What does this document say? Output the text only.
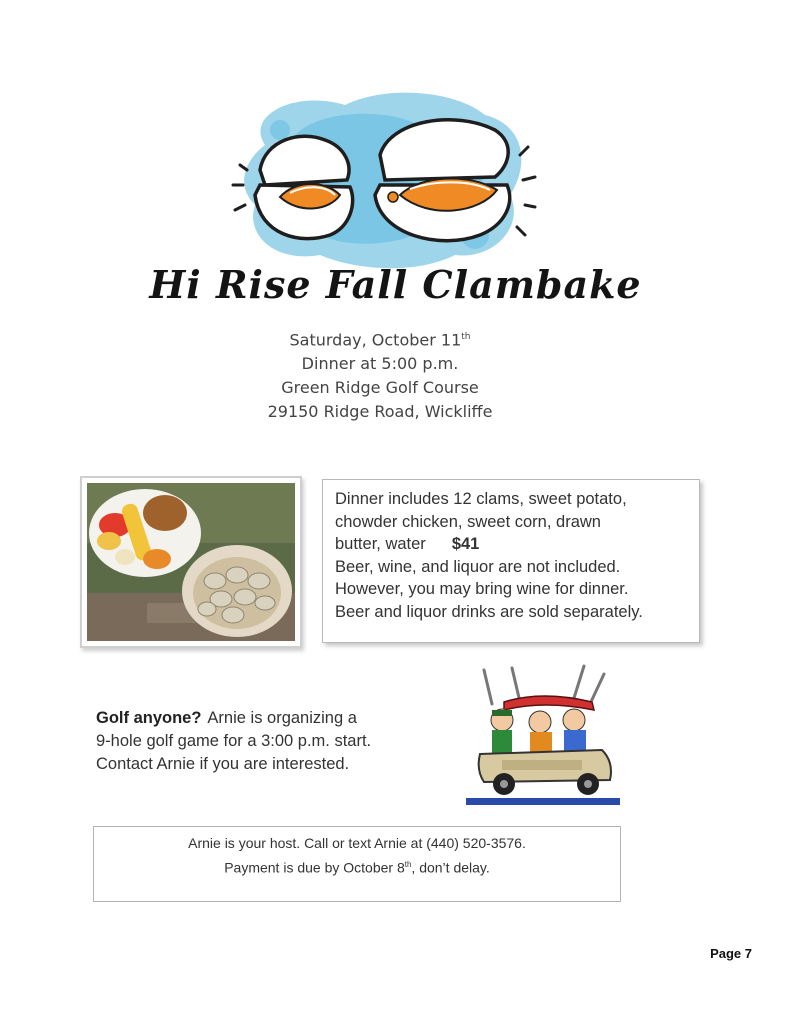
Hi Rise Fall Clambake
Saturday, October 11th
Dinner at 5:00 p.m.
Green Ridge Golf Course
29150 Ridge Road, Wickliffe
Dinner includes 12 clams, sweet potato,
chowder chicken, sweet corn, drawn
butter, water $41
Beer, wine, and liquor are not included.
However, you may bring wine for dinner.
Beer and liquor drinks are sold separately.
Golf anyone? Arnie is organizing a
9-hole golf game for a 3:00 p.m. start.
Contact Arnie if you are interested.
Arnie is your host. Call or text Arnie at (440) 520-3576.
Payment is due by October 8th, don’t delay.
Page 7
